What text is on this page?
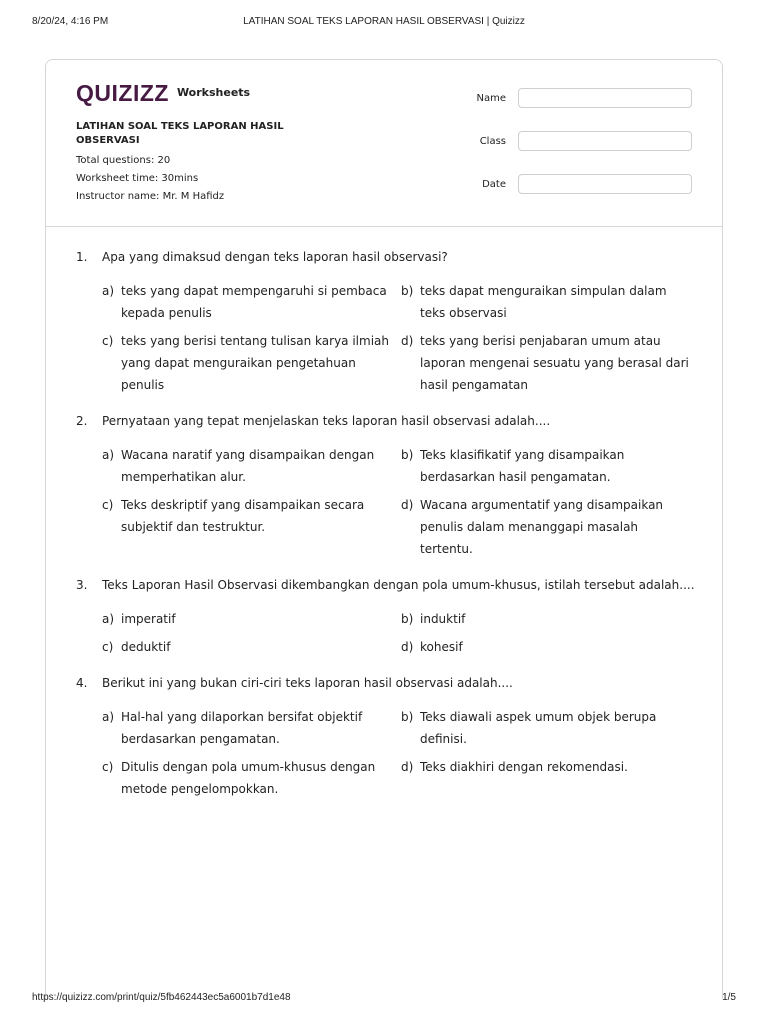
8/20/24, 4:16 PM	LATIHAN SOAL TEKS LAPORAN HASIL OBSERVASI | Quizizz
QUIZIZZ Worksheets
LATIHAN SOAL TEKS LAPORAN HASIL OBSERVASI
Total questions: 20
Worksheet time: 30mins
Instructor name: Mr. M Hafidz
Name
Class
Date
1.	Apa yang dimaksud dengan teks laporan hasil observasi?
a) teks yang dapat mempengaruhi si pembaca kepada penulis
b) teks dapat menguraikan simpulan dalam teks observasi
c) teks yang berisi tentang tulisan karya ilmiah yang dapat menguraikan pengetahuan penulis
d) teks yang berisi penjabaran umum atau laporan mengenai sesuatu yang berasal dari hasil pengamatan
2.	Pernyataan yang tepat menjelaskan teks laporan hasil observasi adalah....
a) Wacana naratif yang disampaikan dengan memperhatikan alur.
b) Teks klasifikatif yang disampaikan berdasarkan hasil pengamatan.
c) Teks deskriptif yang disampaikan secara subjektif dan testruktur.
d) Wacana argumentatif yang disampaikan penulis dalam menanggapi masalah tertentu.
3.	Teks Laporan Hasil Observasi dikembangkan dengan pola umum-khusus, istilah tersebut adalah....
a) imperatif	b) induktif
c) deduktif	d) kohesif
4.	Berikut ini yang bukan ciri-ciri teks laporan hasil observasi adalah....
a) Hal-hal yang dilaporkan bersifat objektif berdasarkan pengamatan.
b) Teks diawali aspek umum objek berupa definisi.
c) Ditulis dengan pola umum-khusus dengan metode pengelompokkan.
d) Teks diakhiri dengan rekomendasi.
https://quizizz.com/print/quiz/5fb462443ec5a6001b7d1e48	1/5
